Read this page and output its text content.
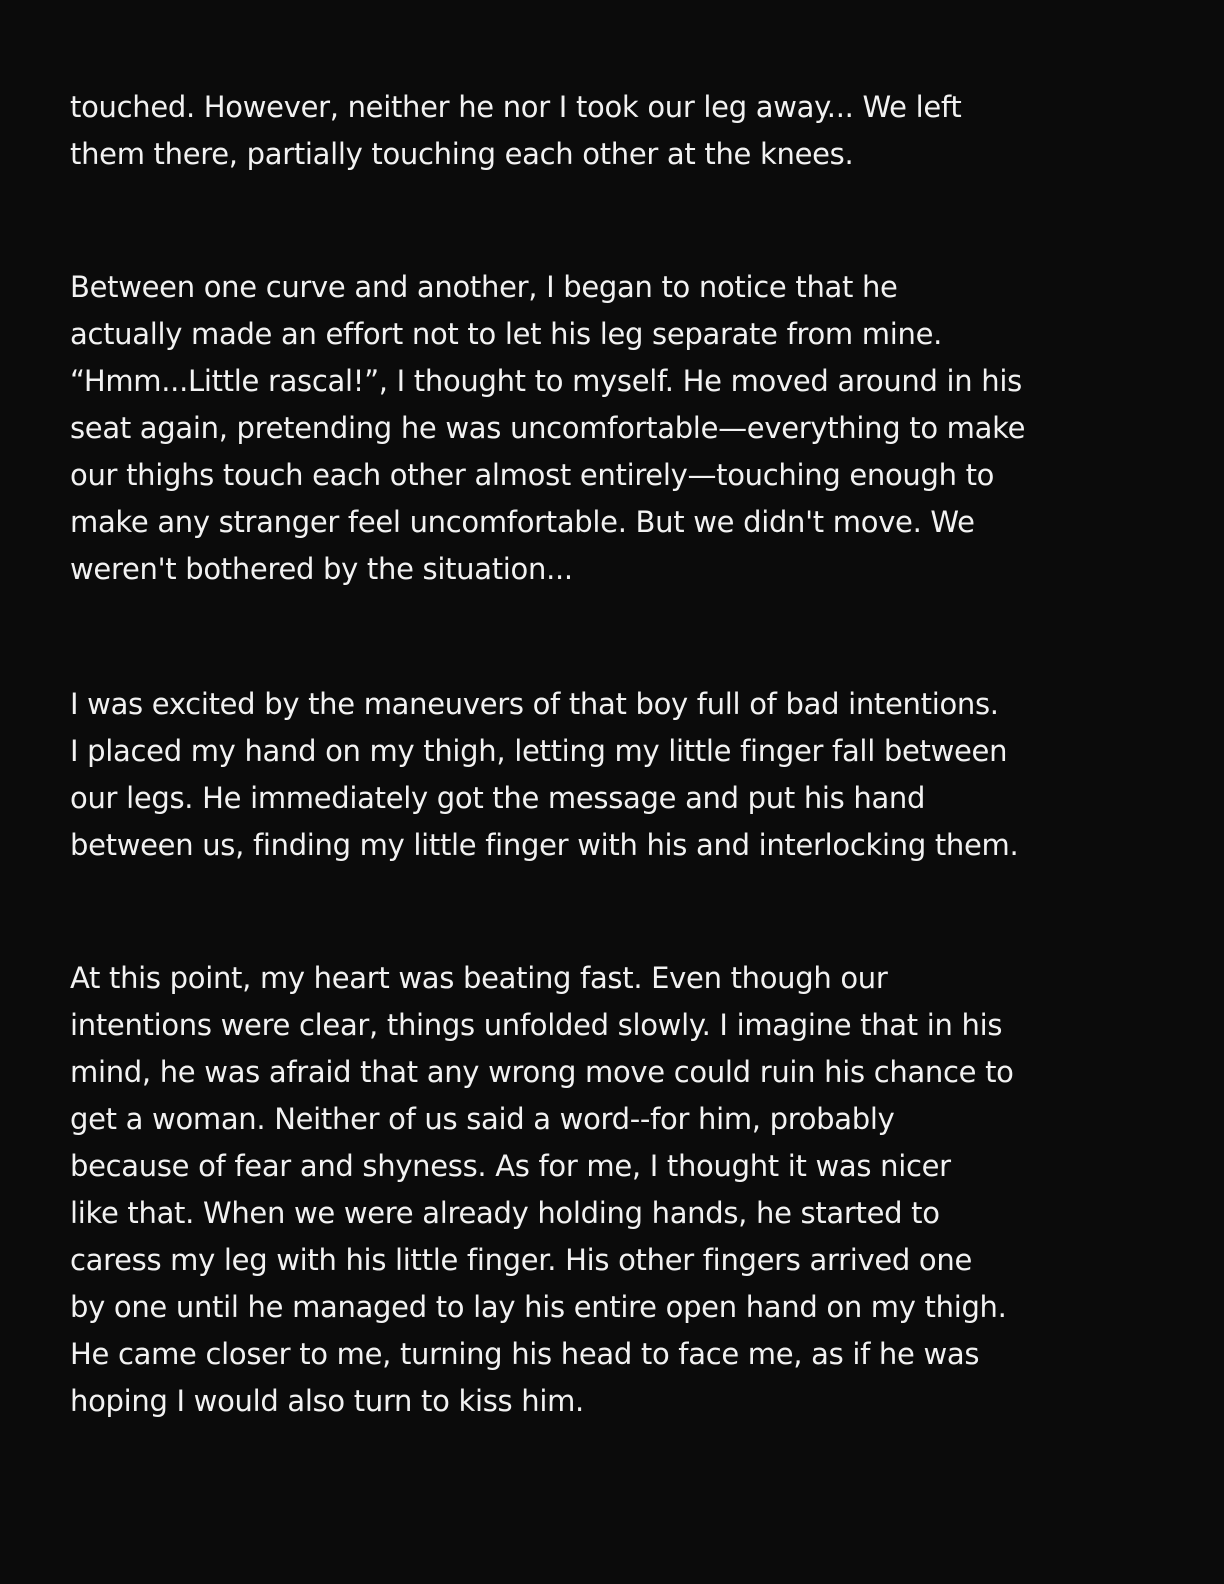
touched. However, neither he nor I took our leg away... We left
them there, partially touching each other at the knees.

Between one curve and another, I began to notice that he
actually made an effort not to let his leg separate from mine.
“Hmm...Little rascal!”, I thought to myself. He moved around in his
seat again, pretending he was uncomfortable—everything to make
our thighs touch each other almost entirely—touching enough to
make any stranger feel uncomfortable. But we didn't move. We
weren't bothered by the situation...

I was excited by the maneuvers of that boy full of bad intentions.
I placed my hand on my thigh, letting my little finger fall between
our legs. He immediately got the message and put his hand
between us, finding my little finger with his and interlocking them.

At this point, my heart was beating fast. Even though our
intentions were clear, things unfolded slowly. I imagine that in his
mind, he was afraid that any wrong move could ruin his chance to
get a woman. Neither of us said a word--for him, probably
because of fear and shyness. As for me, I thought it was nicer
like that. When we were already holding hands, he started to
caress my leg with his little finger. His other fingers arrived one
by one until he managed to lay his entire open hand on my thigh.
He came closer to me, turning his head to face me, as if he was
hoping I would also turn to kiss him.
